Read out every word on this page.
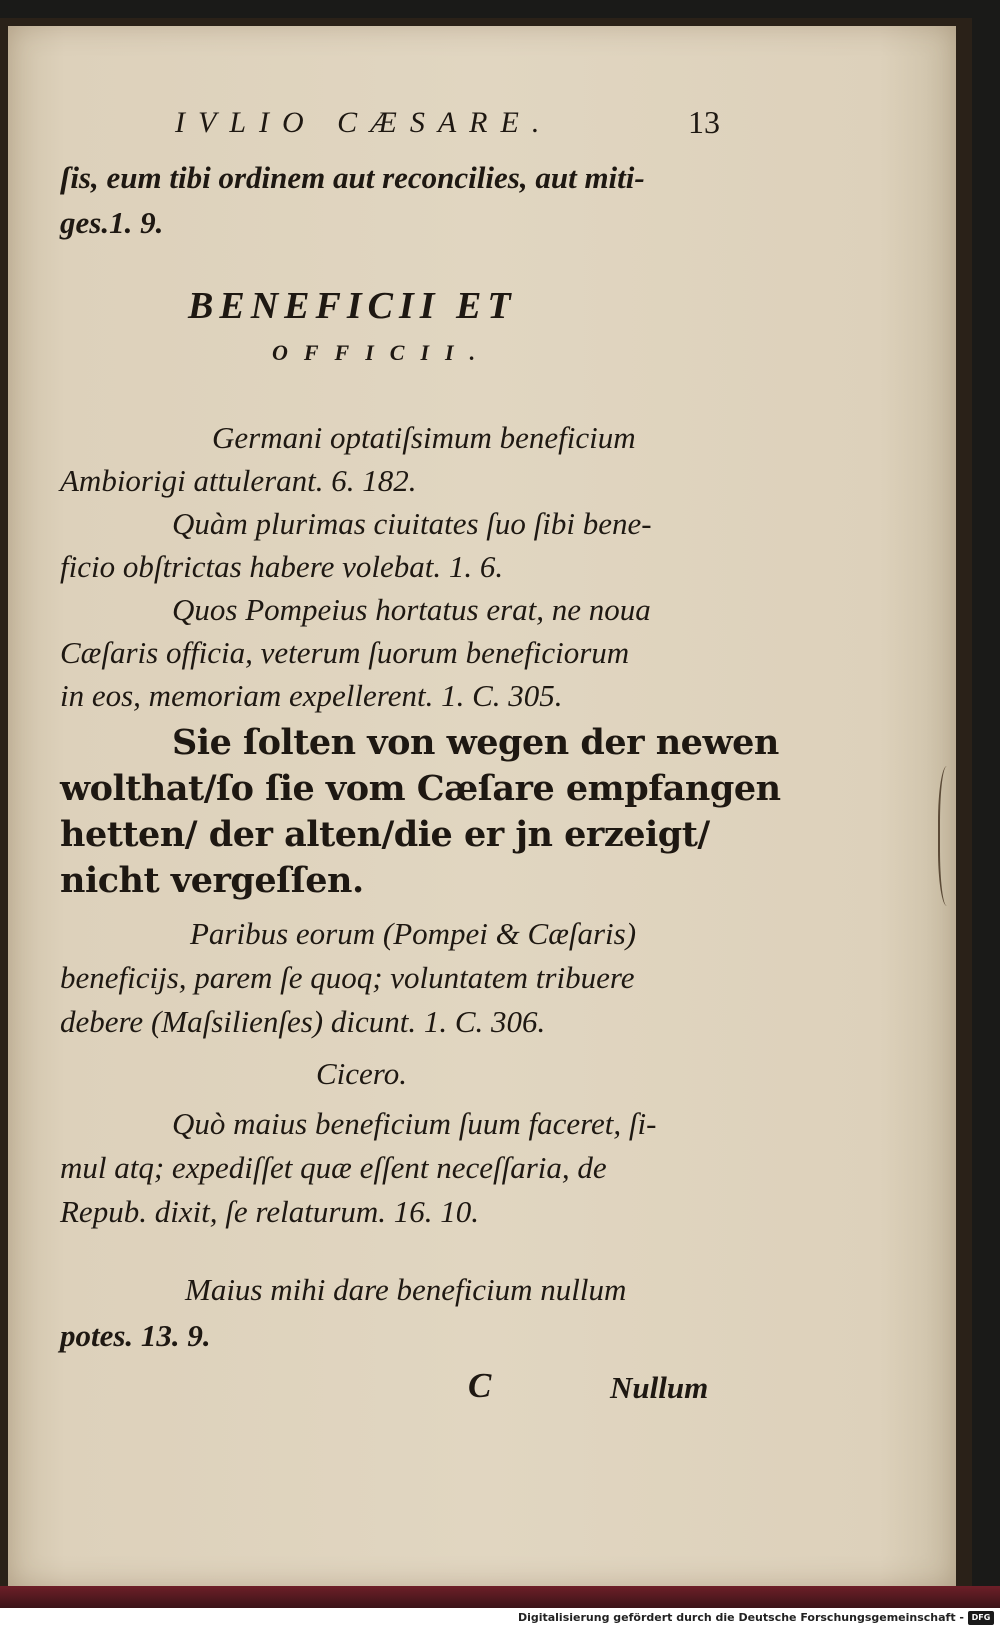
IVLIO CÆSARE.	13
ſis, eum tibi ordinem aut reconcilies, aut miti-
ges.1. 9.
BENEFICII ET
OFFICII.
Germani optatiſsimum beneficium
Ambiorigi attulerant. 6. 182.
Quàm plurimas ciuitates ſuo ſibi bene-
ficio obſtrictas habere volebat. 1. 6.
Quos Pompeius hortatus erat, ne noua
Cæſaris officia, veterum ſuorum beneficiorum
in eos, memoriam expellerent. 1. C. 305.
Sie ſolten von wegen der newen
wolthat/ſo ſie vom Cæſare empfangen
hetten/ der alten/die er jn erzeigt/
nicht vergeſſen.
Paribus eorum (Pompei & Cæſaris)
beneficijs, parem ſe quoq; voluntatem tribuere
debere (Maſsilienſes) dicunt. 1. C. 306.
Cicero.
Quò maius beneficium ſuum faceret, ſi-
mul atq; expediſſet quæ eſſent neceſſaria, de
Repub. dixit, ſe relaturum. 16. 10.
Maius mihi dare beneficium nullum
potes. 13. 9.
C	Nullum
Digitalisierung gefördert durch die Deutsche Forschungsgemeinschaft - DFG
